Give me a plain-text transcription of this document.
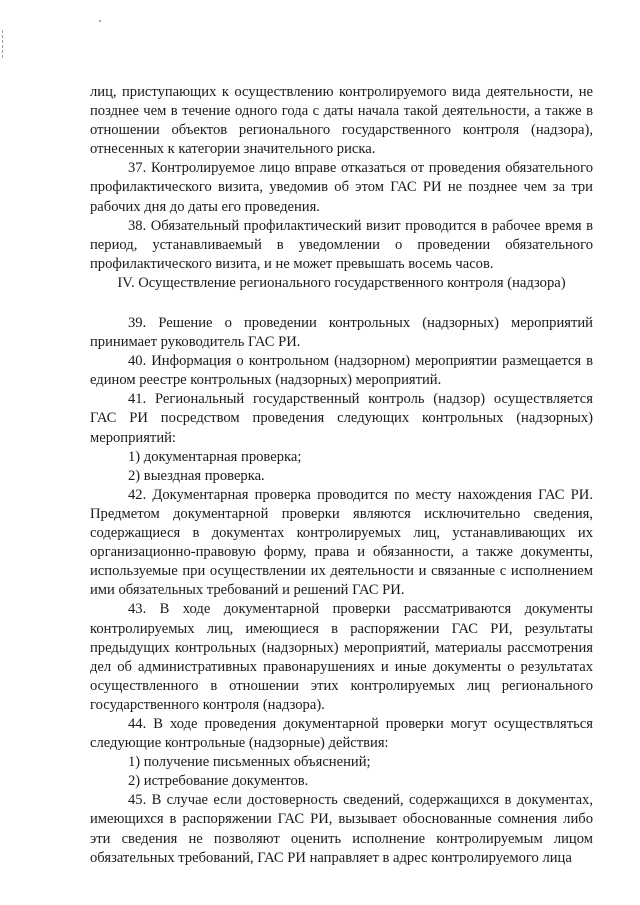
лиц, приступающих к осуществлению контролируемого вида деятельности, не позднее чем в течение одного года с даты начала такой деятельности, а также в отношении объектов регионального государственного контроля (надзора), отнесенных к категории значительного риска.

37. Контролируемое лицо вправе отказаться от проведения обязательного профилактического визита, уведомив об этом ГАС РИ не позднее чем за три рабочих дня до даты его проведения.

38. Обязательный профилактический визит проводится в рабочее время в период, устанавливаемый в уведомлении о проведении обязательного профилактического визита, и не может превышать восемь часов.

IV. Осуществление регионального государственного контроля (надзора)

39. Решение о проведении контрольных (надзорных) мероприятий принимает руководитель ГАС РИ.

40. Информация о контрольном (надзорном) мероприятии размещается в едином реестре контрольных (надзорных) мероприятий.

41. Региональный государственный контроль (надзор) осуществляется ГАС РИ посредством проведения следующих контрольных (надзорных) мероприятий:

1) документарная проверка;

2) выездная проверка.

42. Документарная проверка проводится по месту нахождения ГАС РИ. Предметом документарной проверки являются исключительно сведения, содержащиеся в документах контролируемых лиц, устанавливающих их организационно-правовую форму, права и обязанности, а также документы, используемые при осуществлении их деятельности и связанные с исполнением ими обязательных требований и решений ГАС РИ.

43. В ходе документарной проверки рассматриваются документы контролируемых лиц, имеющиеся в распоряжении ГАС РИ, результаты предыдущих контрольных (надзорных) мероприятий, материалы рассмотрения дел об административных правонарушениях и иные документы о результатах осуществленного в отношении этих контролируемых лиц регионального государственного контроля (надзора).

44. В ходе проведения документарной проверки могут осуществляться следующие контрольные (надзорные) действия:

1) получение письменных объяснений;

2) истребование документов.

45. В случае если достоверность сведений, содержащихся в документах, имеющихся в распоряжении ГАС РИ, вызывает обоснованные сомнения либо эти сведения не позволяют оценить исполнение контролируемым лицом обязательных требований, ГАС РИ направляет в адрес контролируемого лица
